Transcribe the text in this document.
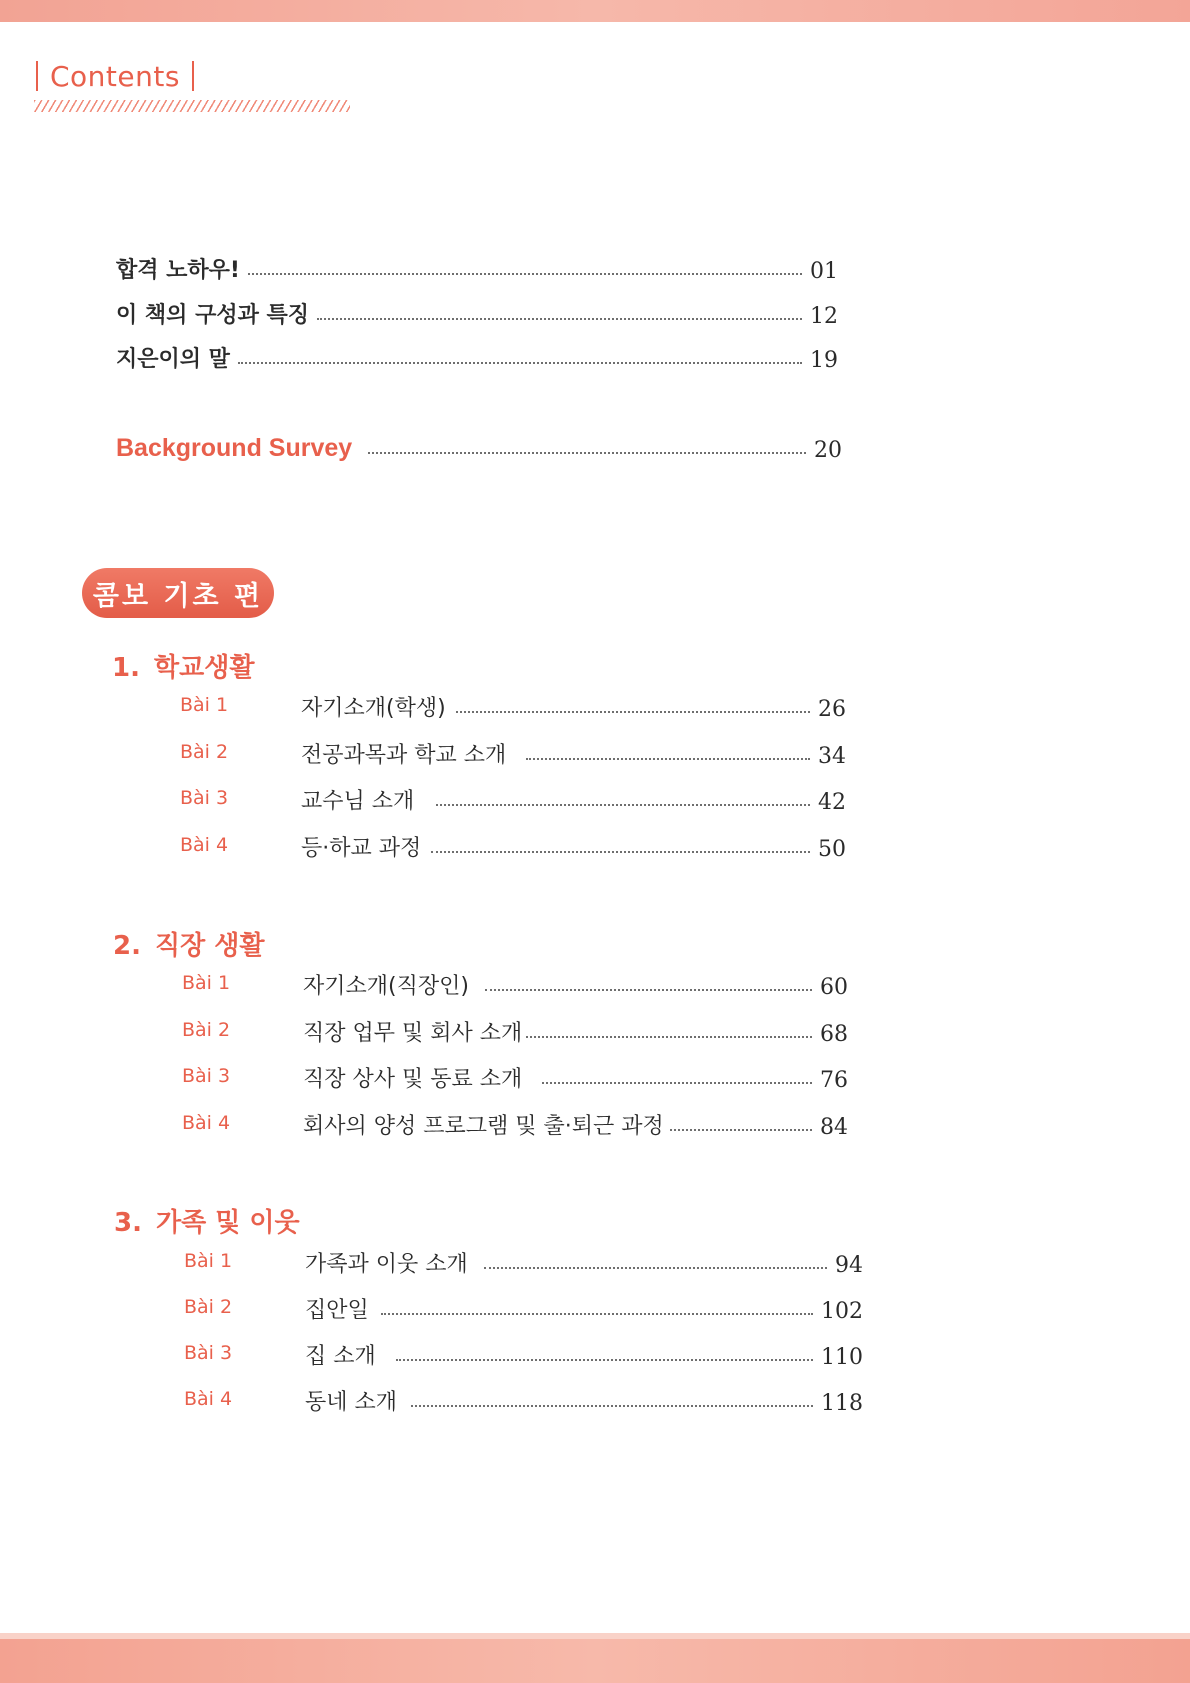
Contents
합격 노하우!	01
이 책의 구성과 특징	12
지은이의 말	19
Background Survey	20
콤보 기초 편
1. 학교생활
Bài 1	자기소개(학생)	26
Bài 2	전공과목과 학교 소개	34
Bài 3	교수님 소개	42
Bài 4	등·하교 과정	50
2. 직장 생활
Bài 1	자기소개(직장인)	60
Bài 2	직장 업무 및 회사 소개	68
Bài 3	직장 상사 및 동료 소개	76
Bài 4	회사의 양성 프로그램 및 출·퇴근 과정	84
3. 가족 및 이웃
Bài 1	가족과 이웃 소개	94
Bài 2	집안일	102
Bài 3	집 소개	110
Bài 4	동네 소개	118
